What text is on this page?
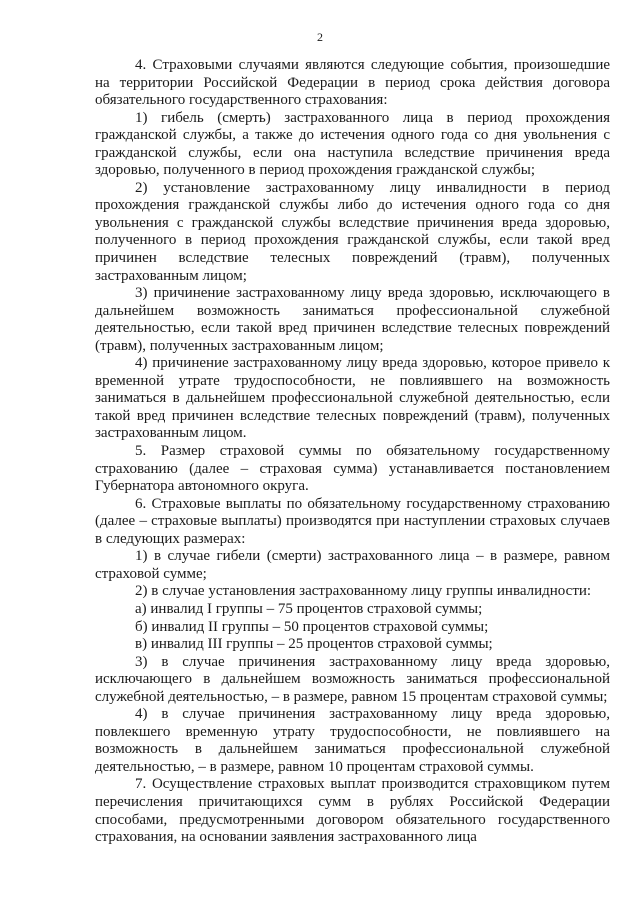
2

4. Страховыми случаями являются следующие события, произошедшие на территории Российской Федерации в период срока действия договора обязательного государственного страхования:

1) гибель (смерть) застрахованного лица в период прохождения гражданской службы, а также до истечения одного года со дня увольнения с гражданской службы, если она наступила вследствие причинения вреда здоровью, полученного в период прохождения гражданской службы;

2) установление застрахованному лицу инвалидности в период прохождения гражданской службы либо до истечения одного года со дня увольнения с гражданской службы вследствие причинения вреда здоровью, полученного в период прохождения гражданской службы, если такой вред причинен вследствие телесных повреждений (травм), полученных застрахованным лицом;

3) причинение застрахованному лицу вреда здоровью, исключающего в дальнейшем возможность заниматься профессиональной служебной деятельностью, если такой вред причинен вследствие телесных повреждений (травм), полученных застрахованным лицом;

4) причинение застрахованному лицу вреда здоровью, которое привело к временной утрате трудоспособности, не повлиявшего на возможность заниматься в дальнейшем профессиональной служебной деятельностью, если такой вред причинен вследствие телесных повреждений (травм), полученных застрахованным лицом.

5. Размер страховой суммы по обязательному государственному страхованию (далее – страховая сумма) устанавливается постановлением Губернатора автономного округа.

6. Страховые выплаты по обязательному государственному страхованию (далее – страховые выплаты) производятся при наступлении страховых случаев в следующих размерах:

1) в случае гибели (смерти) застрахованного лица – в размере, равном страховой сумме;

2) в случае установления застрахованному лицу группы инвалидности:

а) инвалид I группы – 75 процентов страховой суммы;

б) инвалид II группы – 50 процентов страховой суммы;

в) инвалид III группы – 25 процентов страховой суммы;

3) в случае причинения застрахованному лицу вреда здоровью, исключающего в дальнейшем возможность заниматься профессиональной служебной деятельностью, – в размере, равном 15 процентам страховой суммы;

4) в случае причинения застрахованному лицу вреда здоровью, повлекшего временную утрату трудоспособности, не повлиявшего на возможность в дальнейшем заниматься профессиональной служебной деятельностью, – в размере, равном 10 процентам страховой суммы.

7. Осуществление страховых выплат производится страховщиком путем перечисления причитающихся сумм в рублях Российской Федерации способами, предусмотренными договором обязательного государственного страхования, на основании заявления застрахованного лица
